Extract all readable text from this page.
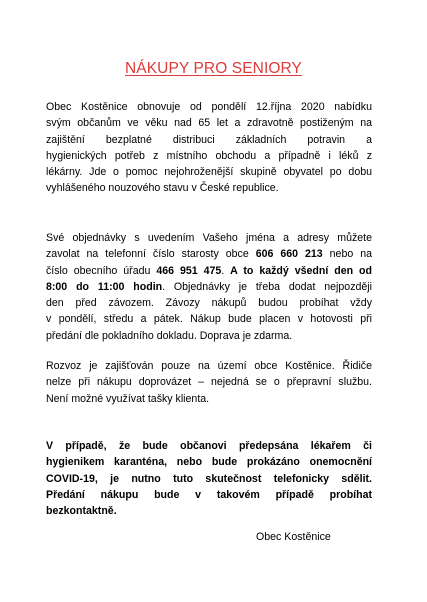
NÁKUPY PRO SENIORY
Obec Kostěnice obnovuje od pondělí 12.října 2020 nabídku
svým občanům ve věku nad 65 let a zdravotně postiženým na
zajištění bezplatné distribuci základních potravin a
hygienických potřeb z místního obchodu a případně i léků z
lékárny. Jde o pomoc nejohroženější skupině obyvatel po dobu
vyhlášeného nouzového stavu v České republice.
Své objednávky s uvedením Vašeho jména a adresy můžete
zavolat na telefonní číslo starosty obce 606 660 213 nebo na
číslo obecního úřadu 466 951 475. A to každý všední den od
8:00 do 11:00 hodin. Objednávky je třeba dodat nejpozději
den před závozem. Závozy nákupů budou probíhat vždy
v pondělí, středu a pátek. Nákup bude placen v hotovosti při
předání dle pokladního dokladu. Doprava je zdarma.
Rozvoz je zajišťován pouze na území obce Kostěnice. Řidiče
nelze při nákupu doprovázet – nejedná se o přepravní službu.
Není možné využívat tašky klienta.
V případě, že bude občanovi předepsána lékařem či
hygienikem karanténa, nebo bude prokázáno onemocnění
COVID-19, je nutno tuto skutečnost telefonicky sdělit.
Předání nákupu bude v takovém případě probíhat
bezkontaktně.
Obec Kostěnice
